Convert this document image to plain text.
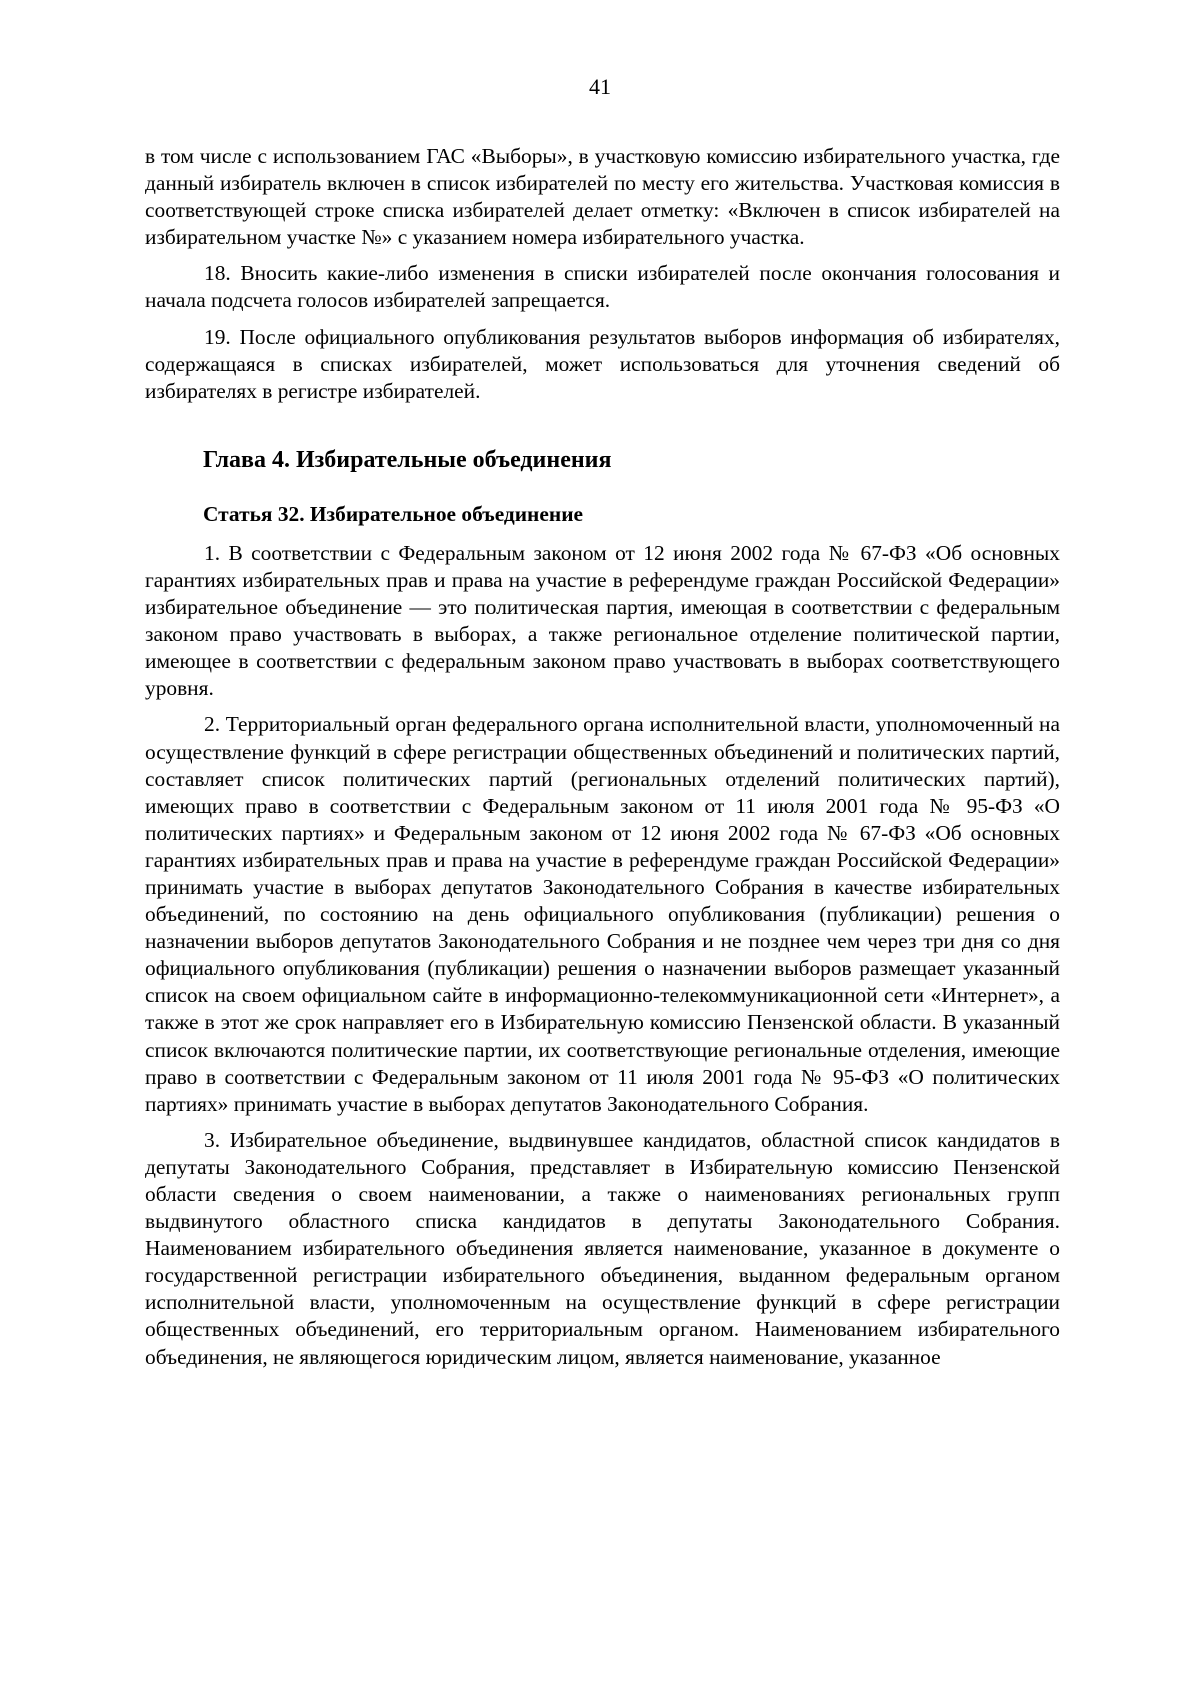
41

в том числе с использованием ГАС «Выборы», в участковую комиссию избирательного участка, где данный избиратель включен в список избирателей по месту его жительства. Участковая комиссия в соответствующей строке списка избирателей делает отметку: «Включен в список избирателей на избирательном участке №» с указанием номера избирательного участка.

18. Вносить какие-либо изменения в списки избирателей после окончания голосования и начала подсчета голосов избирателей запрещается.

19. После официального опубликования результатов выборов информация об избирателях, содержащаяся в списках избирателей, может использоваться для уточнения сведений об избирателях в регистре избирателей.

Глава 4. Избирательные объединения
Статья 32. Избирательное объединение

1. В соответствии с Федеральным законом от 12 июня 2002 года № 67-ФЗ «Об основных гарантиях избирательных прав и права на участие в референдуме граждан Российской Федерации» избирательное объединение — это политическая партия, имеющая в соответствии с федеральным законом право участвовать в выборах, а также региональное отделение политической партии, имеющее в соответствии с федеральным законом право участвовать в выборах соответствующего уровня.

2. Территориальный орган федерального органа исполнительной власти, уполномоченный на осуществление функций в сфере регистрации общественных объединений и политических партий, составляет список политических партий (региональных отделений политических партий), имеющих право в соответствии с Федеральным законом от 11 июля 2001 года № 95-ФЗ «О политических партиях» и Федеральным законом от 12 июня 2002 года № 67-ФЗ «Об основных гарантиях избирательных прав и права на участие в референдуме граждан Российской Федерации» принимать участие в выборах депутатов Законодательного Собрания в качестве избирательных объединений, по состоянию на день официального опубликования (публикации) решения о назначении выборов депутатов Законодательного Собрания и не позднее чем через три дня со дня официального опубликования (публикации) решения о назначении выборов размещает указанный список на своем официальном сайте в информационно-телекоммуникационной сети «Интернет», а также в этот же срок направляет его в Избирательную комиссию Пензенской области. В указанный список включаются политические партии, их соответствующие региональные отделения, имеющие право в соответствии с Федеральным законом от 11 июля 2001 года № 95-ФЗ «О политических партиях» принимать участие в выборах депутатов Законодательного Собрания.

3. Избирательное объединение, выдвинувшее кандидатов, областной список кандидатов в депутаты Законодательного Собрания, представляет в Избирательную комиссию Пензенской области сведения о своем наименовании, а также о наименованиях региональных групп выдвинутого областного списка кандидатов в депутаты Законодательного Собрания. Наименованием избирательного объединения является наименование, указанное в документе о государственной регистрации избирательного объединения, выданном федеральным органом исполнительной власти, уполномоченным на осуществление функций в сфере регистрации общественных объединений, его территориальным органом. Наименованием избирательного объединения, не являющегося юридическим лицом, является наименование, указанное
